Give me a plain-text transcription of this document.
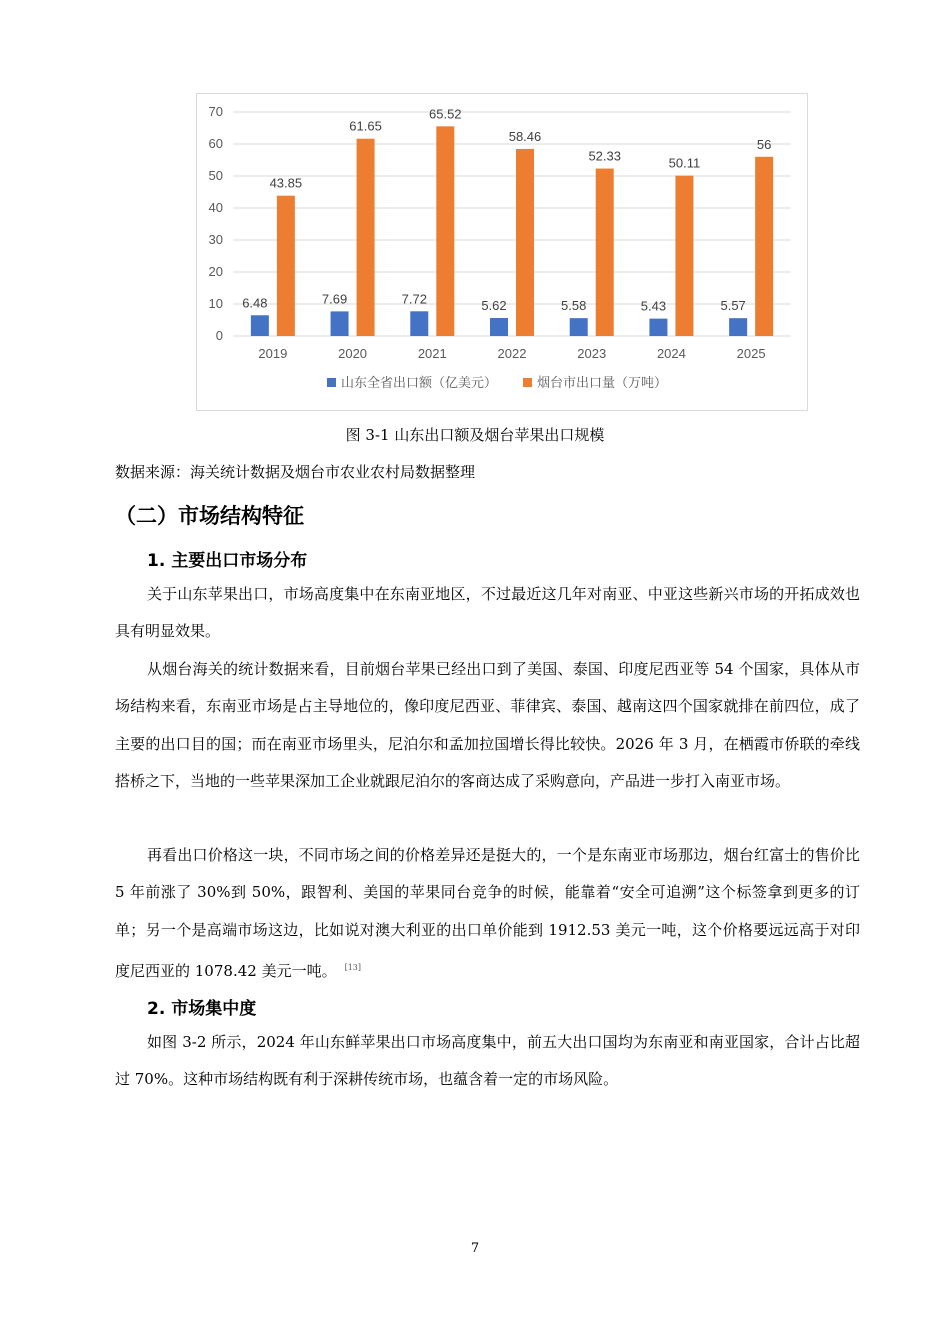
0
10
20
30
40
50
60
70
2019
6.48
43.85
2020
7.69
61.65
2021
7.72
65.52
2022
5.62
58.46
2023
5.58
52.33
2024
5.43
50.11
2025
5.57
56
山东全省出口额（亿美元）	烟台市出口量（万吨）
图 3-1 山东出口额及烟台苹果出口规模
数据来源：海关统计数据及烟台市农业农村局数据整理
（二）市场结构特征
1. 主要出口市场分布

关于山东苹果出口，市场高度集中在东南亚地区，不过最近这几年对南亚、中亚这些新兴市场的开拓成效也具有明显效果。

从烟台海关的统计数据来看，目前烟台苹果已经出口到了美国、泰国、印度尼西亚等 54 个国家，具体从市场结构来看，东南亚市场是占主导地位的，像印度尼西亚、菲律宾、泰国、越南这四个国家就排在前四位，成了主要的出口目的国；而在南亚市场里头，尼泊尔和孟加拉国增长得比较快。2026 年 3 月，在栖霞市侨联的牵线搭桥之下，当地的一些苹果深加工企业就跟尼泊尔的客商达成了采购意向，产品进一步打入南亚市场。

再看出口价格这一块，不同市场之间的价格差异还是挺大的，一个是东南亚市场那边，烟台红富士的售价比 5 年前涨了 30%到 50%，跟智利、美国的苹果同台竞争的时候，能靠着“安全可追溯”这个标签拿到更多的订单；另一个是高端市场这边，比如说对澳大利亚的出口单价能到 1912.53 美元一吨，这个价格要远远高于对印度尼西亚的 1078.42 美元一吨。 [13]

2. 市场集中度

如图 3-2 所示，2024 年山东鲜苹果出口市场高度集中，前五大出口国均为东南亚和南亚国家，合计占比超过 70%。这种市场结构既有利于深耕传统市场，也蕴含着一定的市场风险。

7
